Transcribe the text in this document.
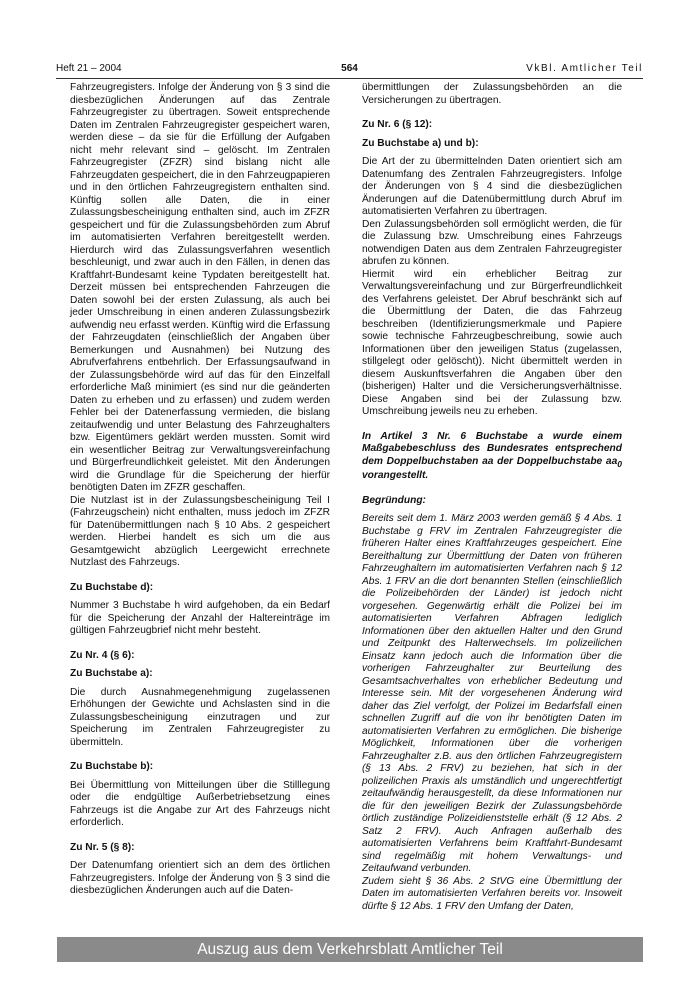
Heft 21 – 2004	564	VkBl. Amtlicher Teil

Fahrzeugregisters. Infolge der Änderung von § 3 sind die diesbezüglichen Änderungen auf das Zentrale Fahrzeugregister zu übertragen. Soweit entsprechende Daten im Zentralen Fahrzeugregister gespeichert waren, werden diese – da sie für die Erfüllung der Aufgaben nicht mehr relevant sind – gelöscht. Im Zentralen Fahrzeugregister (ZFZR) sind bislang nicht alle Fahrzeugdaten gespeichert, die in den Fahrzeugpapieren und in den örtlichen Fahrzeugregistern enthalten sind. Künftig sollen alle Daten, die in einer Zulassungsbescheinigung enthalten sind, auch im ZFZR gespeichert und für die Zulassungsbehörden zum Abruf im automatisierten Verfahren bereitgestellt werden. Hierdurch wird das Zulassungsverfahren wesentlich beschleunigt, und zwar auch in den Fällen, in denen das Kraftfahrt-Bundesamt keine Typdaten bereitgestellt hat. Derzeit müssen bei entsprechenden Fahrzeugen die Daten sowohl bei der ersten Zulassung, als auch bei jeder Umschreibung in einen anderen Zulassungsbezirk aufwendig neu erfasst werden. Künftig wird die Erfassung der Fahrzeugdaten (einschließlich der Angaben über Bemerkungen und Ausnahmen) bei Nutzung des Abrufverfahrens entbehrlich. Der Erfassungsaufwand in der Zulassungsbehörde wird auf das für den Einzelfall erforderliche Maß minimiert (es sind nur die geänderten Daten zu erheben und zu erfassen) und zudem werden Fehler bei der Datenerfassung vermieden, die bislang zeitaufwendig und unter Belastung des Fahrzeughalters bzw. Eigentümers geklärt werden mussten. Somit wird ein wesentlicher Beitrag zur Verwaltungsvereinfachung und Bürgerfreundlichkeit geleistet. Mit den Änderungen wird die Grundlage für die Speicherung der hierfür benötigten Daten im ZFZR geschaffen.

Die Nutzlast ist in der Zulassungsbescheinigung Teil I (Fahrzeugschein) nicht enthalten, muss jedoch im ZFZR für Datenübermittlungen nach § 10 Abs. 2 gespeichert werden. Hierbei handelt es sich um die aus Gesamtgewicht abzüglich Leergewicht errechnete Nutzlast des Fahrzeugs.

Zu Buchstabe d):

Nummer 3 Buchstabe h wird aufgehoben, da ein Bedarf für die Speicherung der Anzahl der Haltereinträge im gültigen Fahrzeugbrief nicht mehr besteht.

Zu Nr. 4 (§ 6):

Zu Buchstabe a):

Die durch Ausnahmegenehmigung zugelassenen Erhöhungen der Gewichte und Achslasten sind in die Zulassungsbescheinigung einzutragen und zur Speicherung im Zentralen Fahrzeugregister zu übermitteln.

Zu Buchstabe b):

Bei Übermittlung von Mitteilungen über die Stilllegung oder die endgültige Außerbetriebsetzung eines Fahrzeugs ist die Angabe zur Art des Fahrzeugs nicht erforderlich.

Zu Nr. 5 (§ 8):

Der Datenumfang orientiert sich an dem des örtlichen Fahrzeugregisters. Infolge der Änderung von § 3 sind die diesbezüglichen Änderungen auch auf die Daten-

übermittlungen der Zulassungsbehörden an die Versicherungen zu übertragen.

Zu Nr. 6 (§ 12):

Zu Buchstabe a) und b):

Die Art der zu übermittelnden Daten orientiert sich am Datenumfang des Zentralen Fahrzeugregisters. Infolge der Änderungen von § 4 sind die diesbezüglichen Änderungen auf die Datenübermittlung durch Abruf im automatisierten Verfahren zu übertragen.

Den Zulassungsbehörden soll ermöglicht werden, die für die Zulassung bzw. Umschreibung eines Fahrzeugs notwendigen Daten aus dem Zentralen Fahrzeugregister abrufen zu können.

Hiermit wird ein erheblicher Beitrag zur Verwaltungsvereinfachung und zur Bürgerfreundlichkeit des Verfahrens geleistet. Der Abruf beschränkt sich auf die Übermittlung der Daten, die das Fahrzeug beschreiben (Identifizierungsmerkmale und Papiere sowie technische Fahrzeugbeschreibung, sowie auch Informationen über den jeweiligen Status (zugelassen, stillgelegt oder gelöscht)). Nicht übermittelt werden in diesem Auskunftsverfahren die Angaben über den (bisherigen) Halter und die Versicherungsverhältnisse. Diese Angaben sind bei der Zulassung bzw. Umschreibung jeweils neu zu erheben.

In Artikel 3 Nr. 6 Buchstabe a wurde einem Maßgabebeschluss des Bundesrates entsprechend dem Doppelbuchstaben aa der Doppelbuchstabe $aa_0$ vorangestellt.

Begründung:

Bereits seit dem 1. März 2003 werden gemäß § 4 Abs. 1 Buchstabe g FRV im Zentralen Fahrzeugregister die früheren Halter eines Kraftfahrzeuges gespeichert. Eine Bereithaltung zur Übermittlung der Daten von früheren Fahrzeughaltern im automatisierten Verfahren nach § 12 Abs. 1 FRV an die dort benannten Stellen (einschließlich die Polizeibehörden der Länder) ist jedoch nicht vorgesehen. Gegenwärtig erhält die Polizei bei im automatisierten Verfahren Abfragen lediglich Informationen über den aktuellen Halter und den Grund und Zeitpunkt des Halterwechsels. Im polizeilichen Einsatz kann jedoch auch die Information über die vorherigen Fahrzeughalter zur Beurteilung des Gesamtsachverhaltes von erheblicher Bedeutung und Interesse sein. Mit der vorgesehenen Änderung wird daher das Ziel verfolgt, der Polizei im Bedarfsfall einen schnellen Zugriff auf die von ihr benötigten Daten im automatisierten Verfahren zu ermöglichen. Die bisherige Möglichkeit, Informationen über die vorherigen Fahrzeughalter z.B. aus den örtlichen Fahrzeugregistern (§ 13 Abs. 2 FRV) zu beziehen, hat sich in der polizeilichen Praxis als umständlich und ungerechtfertigt zeitaufwändig herausgestellt, da diese Informationen nur die für den jeweiligen Bezirk der Zulassungsbehörde örtlich zuständige Polizeidienststelle erhält (§ 12 Abs. 2 Satz 2 FRV). Auch Anfragen außerhalb des automatisierten Verfahrens beim Kraftfahrt-Bundesamt sind regelmäßig mit hohem Verwaltungs- und Zeitaufwand verbunden.

Zudem sieht § 36 Abs. 2 StVG eine Übermittlung der Daten im automatisierten Verfahren bereits vor. Insoweit dürfte § 12 Abs. 1 FRV den Umfang der Daten,

Auszug aus dem Verkehrsblatt Amtlicher Teil
